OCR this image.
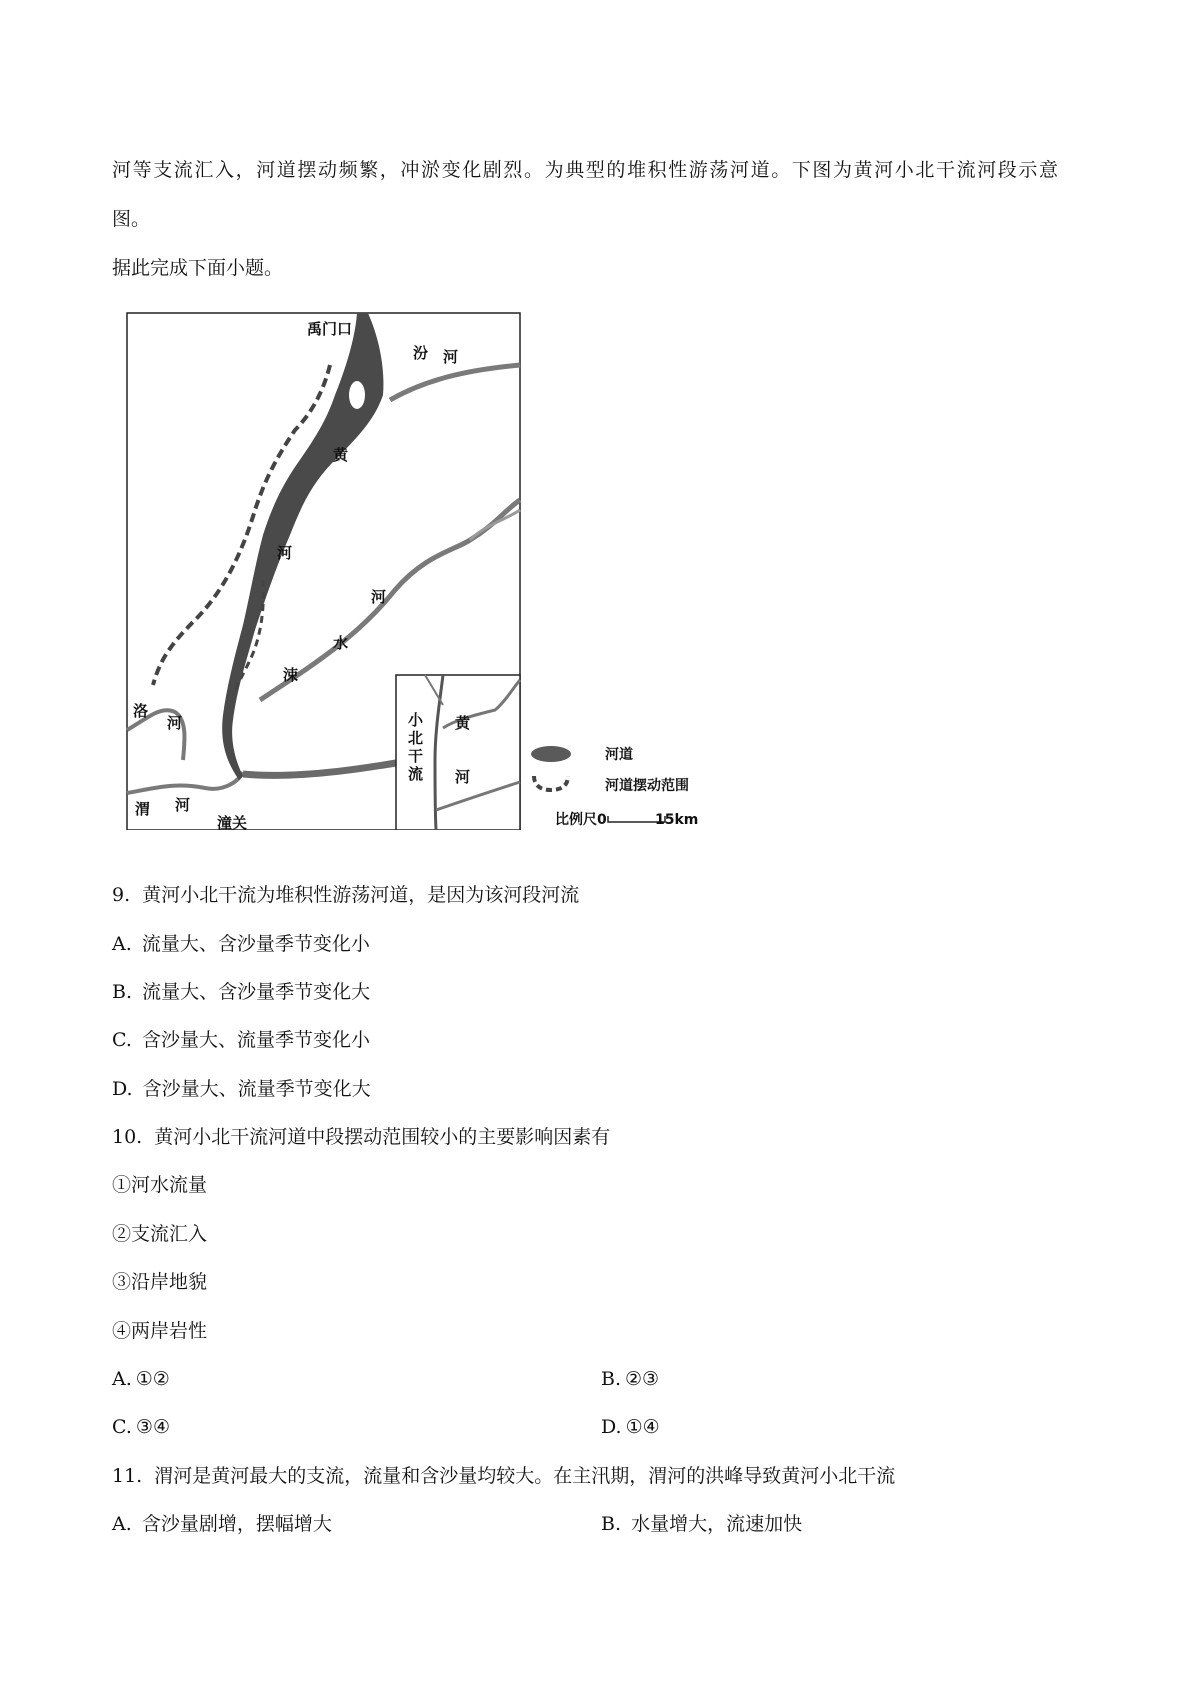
河等支流汇入，河道摆动频繁，冲淤变化剧烈。为典型的堆积性游荡河道。下图为黄河小北干流河段示意
图。
据此完成下面小题。
禹门口
汾 河
黄
河
河
水
涑
洛
河
渭 河
潼关
小
北
干
流
黄
河
河道
河道摆动范围
比例尺0	15km
9. 黄河小北干流为堆积性游荡河道，是因为该河段河流
A. 流量大、含沙量季节变化小
B. 流量大、含沙量季节变化大
C. 含沙量大、流量季节变化小
D. 含沙量大、流量季节变化大
10. 黄河小北干流河道中段摆动范围较小的主要影响因素有
①河水流量
②支流汇入
③沿岸地貌
④两岸岩性
A. ①②	B. ②③
C. ③④	D. ①④
11. 渭河是黄河最大的支流，流量和含沙量均较大。在主汛期，渭河的洪峰导致黄河小北干流
A. 含沙量剧增，摆幅增大	B. 水量增大，流速加快
